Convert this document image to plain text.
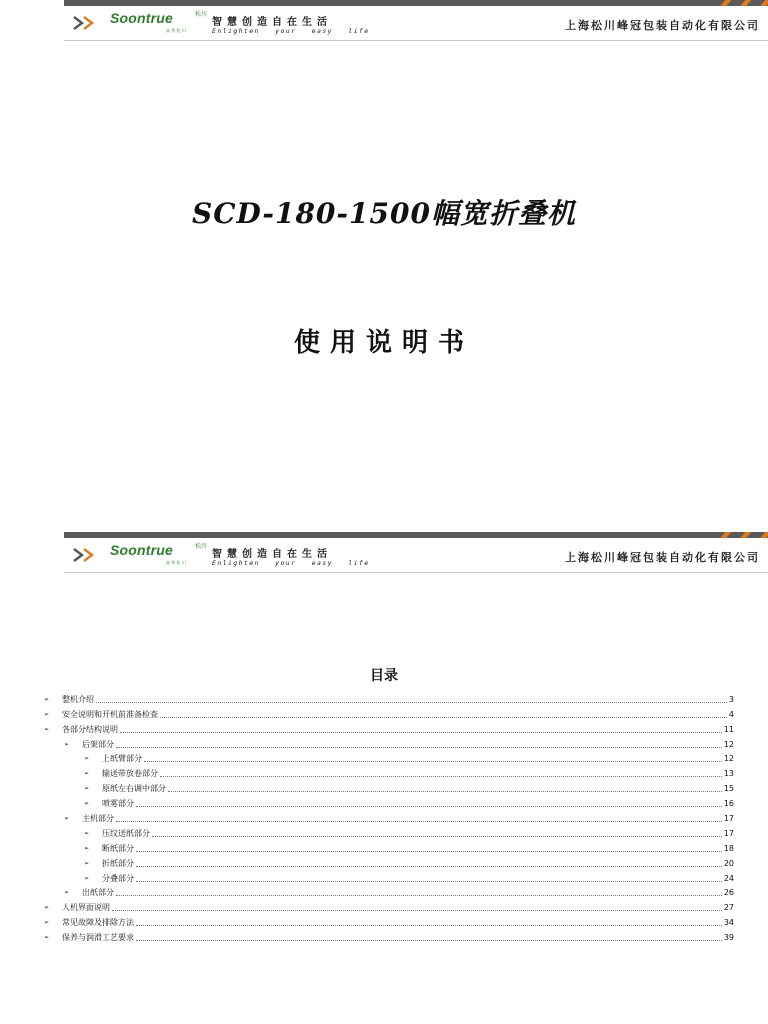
Soontrue	松川
高 智 松 川
智慧创造自在生活
Enlighten your easy life	上海松川峰冠包装自动化有限公司
SCD-180-1500幅宽折叠机
使用说明书
Soontrue	松川
高 智 松 川
智慧创造自在生活
Enlighten your easy life	上海松川峰冠包装自动化有限公司
目录
➢	整机介绍	3
➢	安全说明和开机前准备检查	4
➢	各部分结构说明	11
➢	后架部分	12
➢	上纸臂部分	12
➢	输送带放卷部分	13
➢	原纸左右调中部分	15
➢	喷雾部分	16
➢	主机部分	17
➢	压纹送纸部分	17
➢	断纸部分	18
➢	折纸部分	20
➢	分叠部分	24
➢	出纸部分	26
➢	人机界面说明	27
➢	常见故障及排除方法	34
➢	保养与润滑工艺要求	39
